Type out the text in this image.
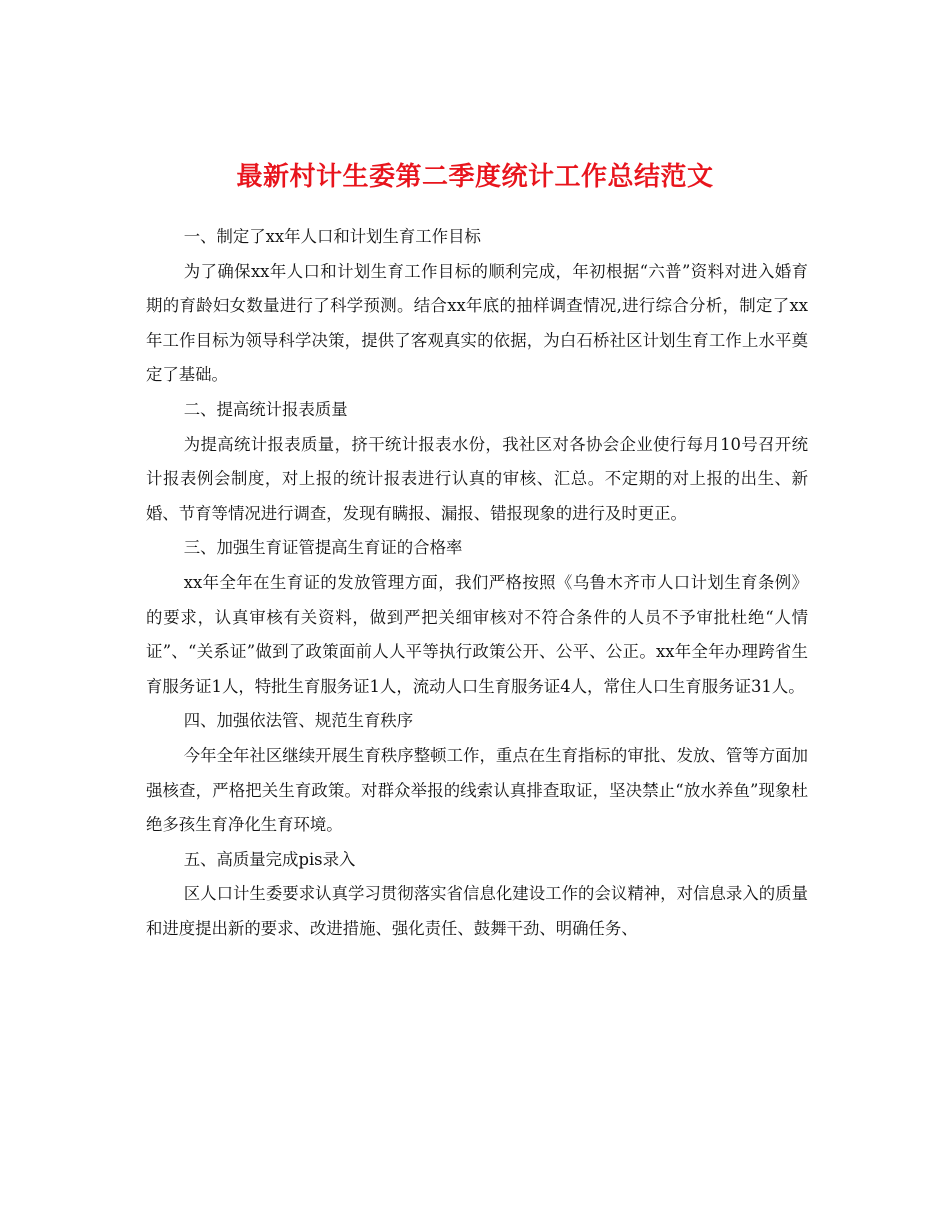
最新村计生委第二季度统计工作总结范文

一、制定了xx年人口和计划生育工作目标

为了确保xx年人口和计划生育工作目标的顺利完成，年初根据“六普”资料对进入婚育期的育龄妇女数量进行了科学预测。结合xx年底的抽样调查情况,进行综合分析，制定了xx年工作目标为领导科学决策，提供了客观真实的依据，为白石桥社区计划生育工作上水平奠定了基础。

二、提高统计报表质量

为提高统计报表质量，挤干统计报表水份，我社区对各协会企业使行每月10号召开统计报表例会制度，对上报的统计报表进行认真的审核、汇总。不定期的对上报的出生、新婚、节育等情况进行调查，发现有瞒报、漏报、错报现象的进行及时更正。

三、加强生育证管提高生育证的合格率

xx年全年在生育证的发放管理方面，我们严格按照《乌鲁木齐市人口计划生育条例》的要求，认真审核有关资料，做到严把关细审核对不符合条件的人员不予审批杜绝“人情证”、“关系证”做到了政策面前人人平等执行政策公开、公平、公正。xx年全年办理跨省生育服务证1人，特批生育服务证1人，流动人口生育服务证4人，常住人口生育服务证31人。

四、加强依法管、规范生育秩序

今年全年社区继续开展生育秩序整顿工作，重点在生育指标的审批、发放、管等方面加强核查，严格把关生育政策。对群众举报的线索认真排查取证，坚决禁止“放水养鱼”现象杜绝多孩生育净化生育环境。

五、高质量完成pis录入

区人口计生委要求认真学习贯彻落实省信息化建设工作的会议精神，对信息录入的质量和进度提出新的要求、改进措施、强化责任、鼓舞干劲、明确任务、
